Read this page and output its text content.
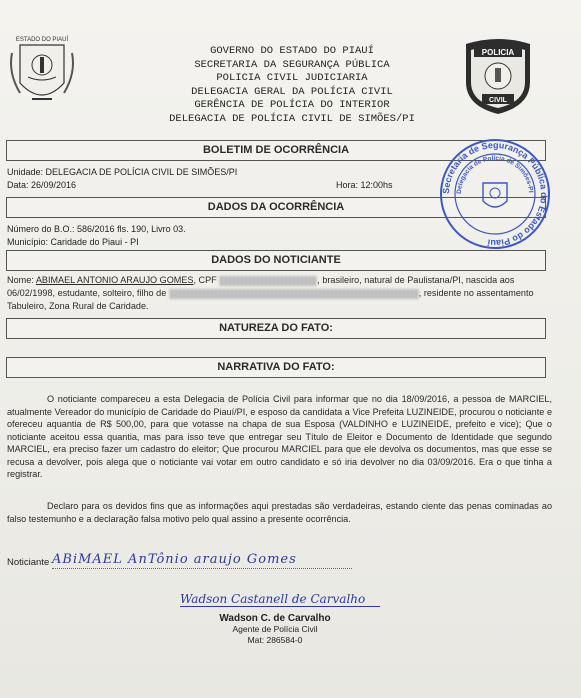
ESTADO DO PIAUÍ
GOVERNO DO ESTADO DO PIAUÍ
SECRETARIA DA SEGURANÇA PÚBLICA
POLICIA CIVIL JUDICIARIA
DELEGACIA GERAL DA POLÍCIA CIVIL
GERÊNCIA DE POLÍCIA DO INTERIOR
DELEGACIA DE POLÍCIA CIVIL DE SIMÕES/PI
POLICIA
CIVIL
BOLETIM DE OCORRÊNCIA
Unidade: DELEGACIA DE POLÍCIA CIVIL DE SIMÕES/PI
Data: 26/09/2016	Hora: 12:00hs
DADOS DA OCORRÊNCIA
Número do B.O.: 586/2016 fls. 190, Livro 03.
Município: Caridade do Piaui - PI
Secretaria de Segurança Pública do Estado do Piauí
Delegacia de Polícia de Simões-PI
DADOS DO NOTICIANTE
Nome: ABIMAEL ANTONIO ARAUJO GOMES, CPF	, brasileiro, natural de Paulistana/PI, nascida aos
06/02/1998, estudante, solteiro, filho de	, residente no assentamento
Tabuleiro, Zona Rural de Caridade.
NATUREZA DO FATO:
NARRATIVA DO FATO:
O noticiante compareceu a esta Delegacia de Polícia Civil para informar que no dia 18/09/2016, a pessoa de MARCIEL, atualmente Vereador do município de Caridade do Piauí/PI, e esposo da candidata a Vice Prefeita LUZINEIDE, procurou o noticiante e ofereceu aquantia de R$ 500,00, para que votasse na chapa de sua Esposa (VALDINHO e LUZINEIDE, prefeito e vice); Que o noticiante aceitou essa quantia, mas para isso teve que entregar seu Título de Eleitor e Documento de Identidade que segundo MARCIEL, era preciso fazer um cadastro do eleitor; Que procurou MARCIEL para que ele devolva os documentos, mas que esse se recusa a devolver, pois alega que o noticiante vai votar em outro candidato e só iria devolver no dia 03/09/2016. Era o que tinha a registrar.
Declaro para os devidos fins que as informações aqui prestadas são verdadeiras, estando ciente das penas cominadas ao falso testemunho e a declaração falsa motivo pelo qual assino a presente ocorrência.
Noticiante ABiMAEL AnTônio araujo Gomes
Wadson Castanell de Carvalho
Wadson C. de Carvalho
Agente de Polícia Civil
Mat: 286584-0
